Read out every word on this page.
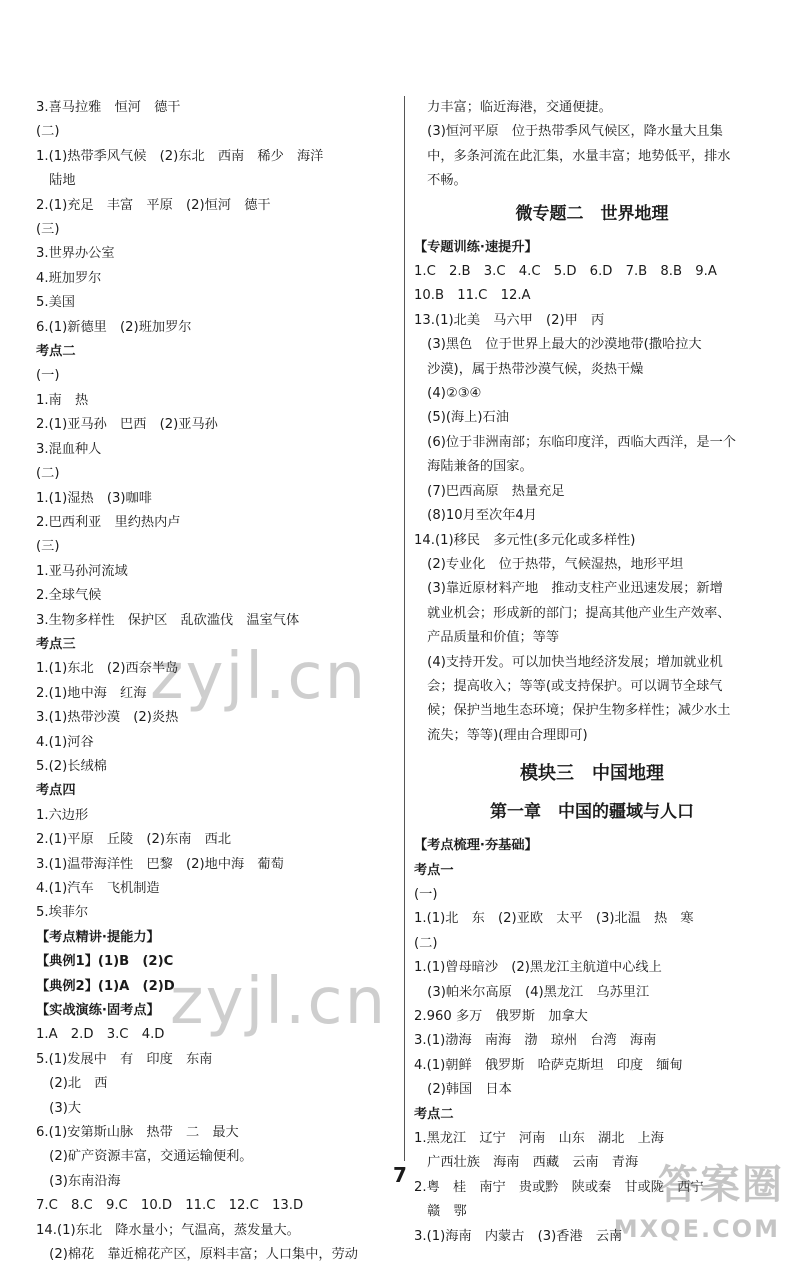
3.喜马拉雅　恒河　德干
(二)
1.(1)热带季风气候　(2)东北　西南　稀少　海洋
　陆地
2.(1)充足　丰富　平原　(2)恒河　德干
(三)
3.世界办公室
4.班加罗尔
5.美国
6.(1)新德里　(2)班加罗尔
考点二
(一)
1.南　热
2.(1)亚马孙　巴西　(2)亚马孙
3.混血种人
(二)
1.(1)湿热　(3)咖啡
2.巴西利亚　里约热内卢
(三)
1.亚马孙河流域
2.全球气候
3.生物多样性　保护区　乱砍滥伐　温室气体
考点三
1.(1)东北　(2)西奈半岛
2.(1)地中海　红海
3.(1)热带沙漠　(2)炎热
4.(1)河谷
5.(2)长绒棉
考点四
1.六边形
2.(1)平原　丘陵　(2)东南　西北
3.(1)温带海洋性　巴黎　(2)地中海　葡萄
4.(1)汽车　飞机制造
5.埃菲尔
【考点精讲·提能力】
【典例1】(1)B　(2)C
【典例2】(1)A　(2)D
【实战演练·固考点】
1.A　2.D　3.C　4.D
5.(1)发展中　有　印度　东南
　(2)北　西
　(3)大
6.(1)安第斯山脉　热带　二　最大
　(2)矿产资源丰富，交通运输便利。
　(3)东南沿海
7.C　8.C　9.C　10.D　11.C　12.C　13.D
14.(1)东北　降水量小；气温高，蒸发量大。
　(2)棉花　靠近棉花产区，原料丰富；人口集中，劳动
　力丰富；临近海港，交通便捷。
　(3)恒河平原　位于热带季风气候区，降水量大且集
　中，多条河流在此汇集，水量丰富；地势低平，排水
　不畅。
微专题二　世界地理
【专题训练·速提升】
1.C　2.B　3.C　4.C　5.D　6.D　7.B　8.B　9.A
10.B　11.C　12.A
13.(1)北美　马六甲　(2)甲　丙
　(3)黑色　位于世界上最大的沙漠地带(撒哈拉大
　沙漠)，属于热带沙漠气候，炎热干燥
　(4)②③④
　(5)(海上)石油
　(6)位于非洲南部；东临印度洋，西临大西洋，是一个
　海陆兼备的国家。
　(7)巴西高原　热量充足
　(8)10月至次年4月
14.(1)移民　多元性(多元化或多样性)
　(2)专业化　位于热带，气候湿热，地形平坦
　(3)靠近原材料产地　推动支柱产业迅速发展；新增
　就业机会；形成新的部门；提高其他产业生产效率、
　产品质量和价值；等等
　(4)支持开发。可以加快当地经济发展；增加就业机
　会；提高收入；等等(或支持保护。可以调节全球气
　候；保护当地生态环境；保护生物多样性；减少水土
　流失；等等)(理由合理即可)
模块三　中国地理
第一章　中国的疆域与人口
【考点梳理·夯基础】
考点一
(一)
1.(1)北　东　(2)亚欧　太平　(3)北温　热　寒
(二)
1.(1)曾母暗沙　(2)黑龙江主航道中心线上
　(3)帕米尔高原　(4)黑龙江　乌苏里江
2.960 多万　俄罗斯　加拿大
3.(1)渤海　南海　渤　琼州　台湾　海南
4.(1)朝鲜　俄罗斯　哈萨克斯坦　印度　缅甸
　(2)韩国　日本
考点二
1.黑龙江　辽宁　河南　山东　湖北　上海
　广西壮族　海南　西藏　云南　青海
2.粤　桂　南宁　贵或黔　陕或秦　甘或陇　西宁
　赣　鄂
3.(1)海南　内蒙古　(3)香港　云南
7
zyjl.cn
zyjl.cn
答案圈
MXQE.COM
